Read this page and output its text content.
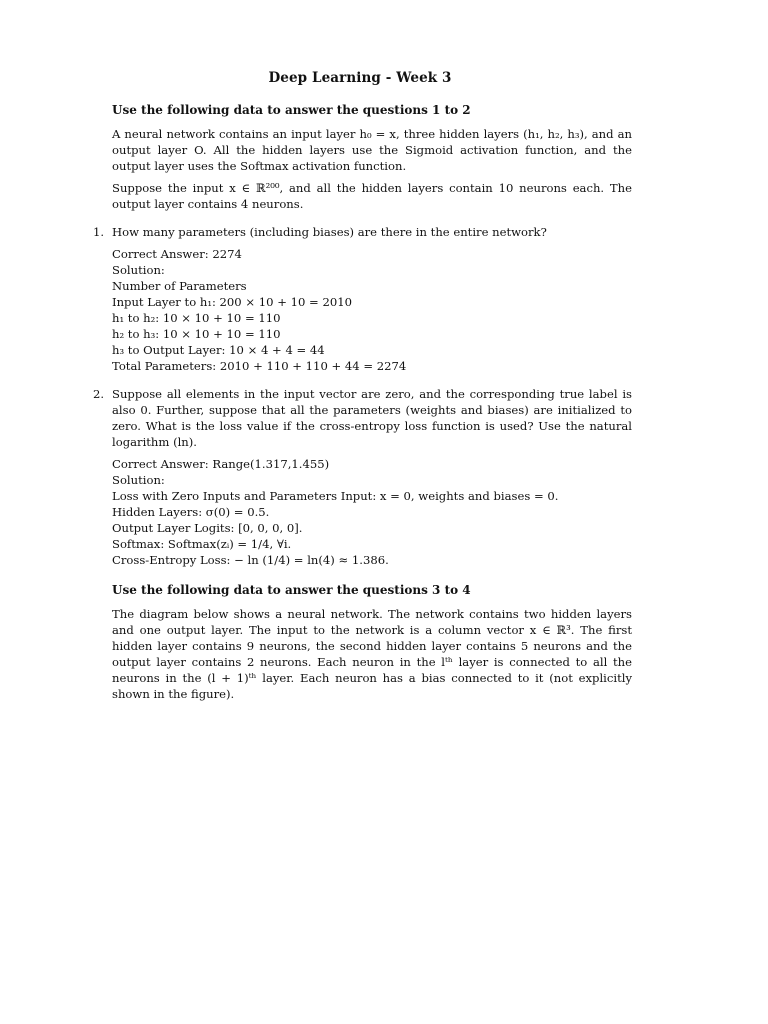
Deep Learning - Week 3
Use the following data to answer the questions 1 to 2

A neural network contains an input layer h₀ = x, three hidden layers (h₁, h₂, h₃), and an output layer O. All the hidden layers use the Sigmoid activation function, and the output layer uses the Softmax activation function.

Suppose the input x ∈ ℝ²⁰⁰, and all the hidden layers contain 10 neurons each. The output layer contains 4 neurons.

1. How many parameters (including biases) are there in the entire network?
Correct Answer: 2274
Solution:
Number of Parameters
Input Layer to h₁: 200 × 10 + 10 = 2010
h₁ to h₂: 10 × 10 + 10 = 110
h₂ to h₃: 10 × 10 + 10 = 110
h₃ to Output Layer: 10 × 4 + 4 = 44
Total Parameters: 2010 + 110 + 110 + 44 = 2274
2. Suppose all elements in the input vector are zero, and the corresponding true label is also 0. Further, suppose that all the parameters (weights and biases) are initialized to zero. What is the loss value if the cross-entropy loss function is used? Use the natural logarithm (ln).
Correct Answer: Range(1.317,1.455)
Solution:
Loss with Zero Inputs and Parameters Input: x = 0, weights and biases = 0.
Hidden Layers: σ(0) = 0.5.
Output Layer Logits: [0, 0, 0, 0].
Softmax: Softmax(zᵢ) = 1/4, ∀i.
Cross-Entropy Loss: − ln (1/4) = ln(4) ≈ 1.386.
Use the following data to answer the questions 3 to 4

The diagram below shows a neural network. The network contains two hidden layers and one output layer. The input to the network is a column vector x ∈ ℝ³. The first hidden layer contains 9 neurons, the second hidden layer contains 5 neurons and the output layer contains 2 neurons. Each neuron in the lᵗʰ layer is connected to all the neurons in the (l + 1)ᵗʰ layer. Each neuron has a bias connected to it (not explicitly shown in the figure).
